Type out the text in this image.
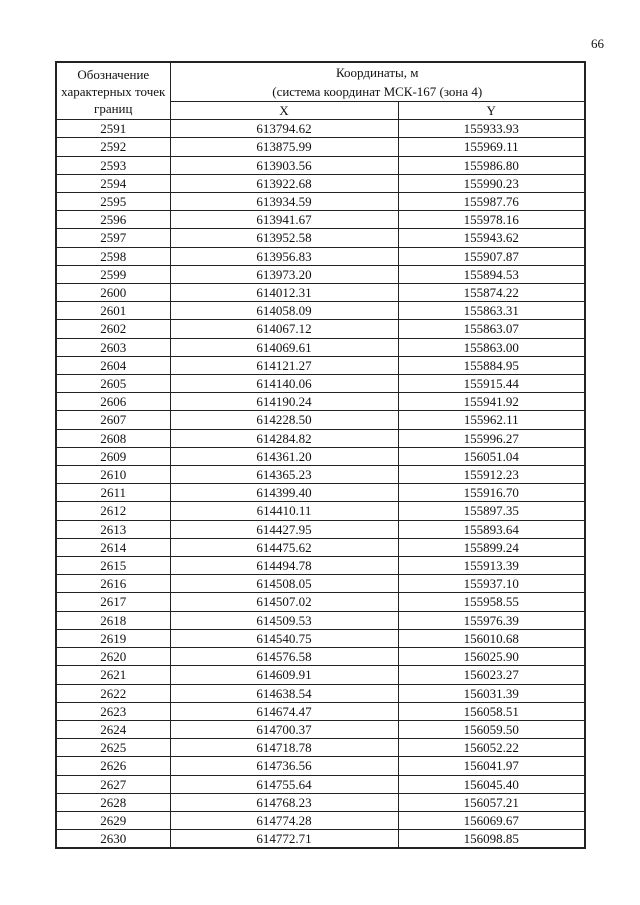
66
Обозначение характерных точек границ	Координаты, м
(система координат МСК-167 (зона 4)	
	X	Y
2591	613794.62	155933.93
2592	613875.99	155969.11
2593	613903.56	155986.80
2594	613922.68	155990.23
2595	613934.59	155987.76
2596	613941.67	155978.16
2597	613952.58	155943.62
2598	613956.83	155907.87
2599	613973.20	155894.53
2600	614012.31	155874.22
2601	614058.09	155863.31
2602	614067.12	155863.07
2603	614069.61	155863.00
2604	614121.27	155884.95
2605	614140.06	155915.44
2606	614190.24	155941.92
2607	614228.50	155962.11
2608	614284.82	155996.27
2609	614361.20	156051.04
2610	614365.23	155912.23
2611	614399.40	155916.70
2612	614410.11	155897.35
2613	614427.95	155893.64
2614	614475.62	155899.24
2615	614494.78	155913.39
2616	614508.05	155937.10
2617	614507.02	155958.55
2618	614509.53	155976.39
2619	614540.75	156010.68
2620	614576.58	156025.90
2621	614609.91	156023.27
2622	614638.54	156031.39
2623	614674.47	156058.51
2624	614700.37	156059.50
2625	614718.78	156052.22
2626	614736.56	156041.97
2627	614755.64	156045.40
2628	614768.23	156057.21
2629	614774.28	156069.67
2630	614772.71	156098.85
